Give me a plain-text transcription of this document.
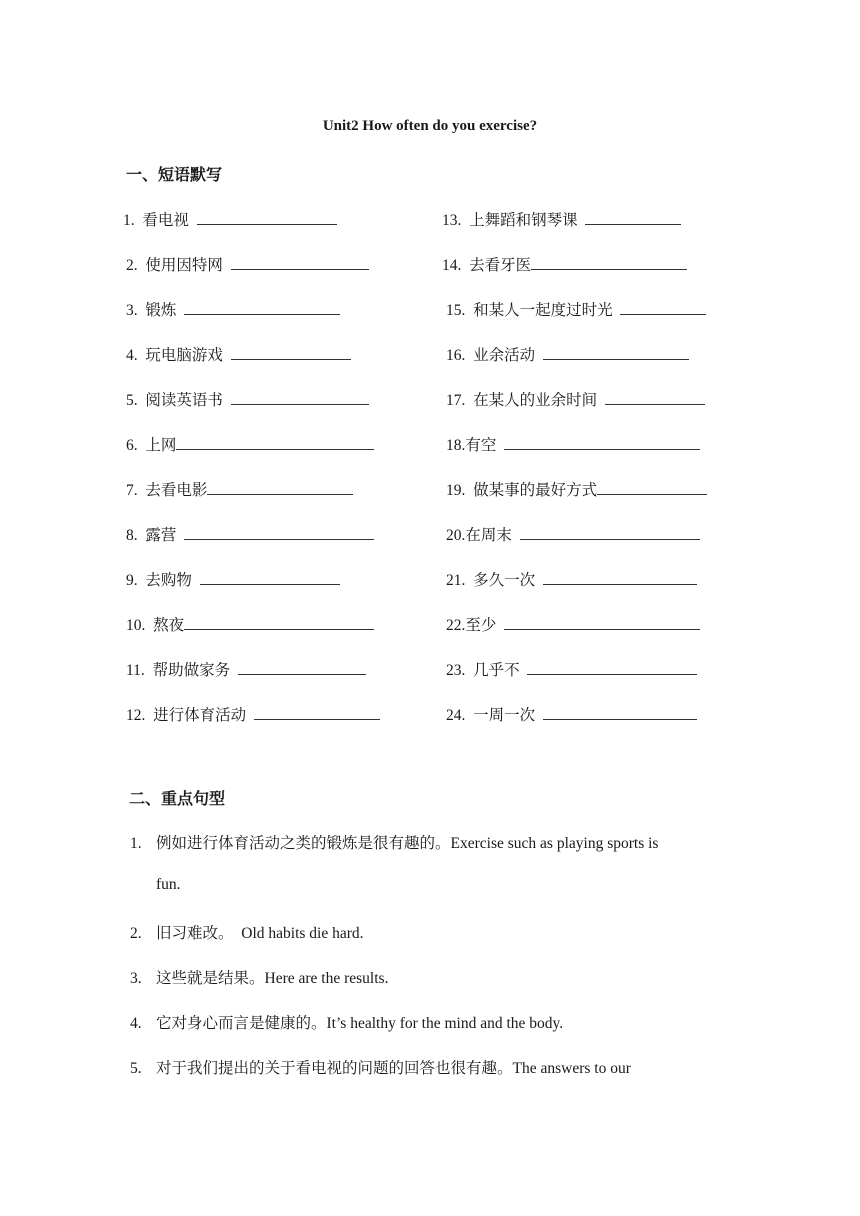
Unit2 How often do you exercise?
一、短语默写
1. 看电视
2. 使用因特网
3. 锻炼
4. 玩电脑游戏
5. 阅读英语书
6. 上网
7. 去看电影
8. 露营
9. 去购物
10. 熬夜
11. 帮助做家务
12. 进行体育活动
13. 上舞蹈和钢琴课
14. 去看牙医
15. 和某人一起度过时光
16. 业余活动
17. 在某人的业余时间
18.有空
19. 做某事的最好方式
20.在周末
21. 多久一次
22.至少
23. 几乎不
24. 一周一次
二、重点句型
1. 例如进行体育活动之类的锻炼是很有趣的。Exercise such as playing sports is
fun.
2. 旧习难改。 Old habits die hard.
3. 这些就是结果。Here are the results.
4. 它对身心而言是健康的。It’s healthy for the mind and the body.
5. 对于我们提出的关于看电视的问题的回答也很有趣。The answers to our
